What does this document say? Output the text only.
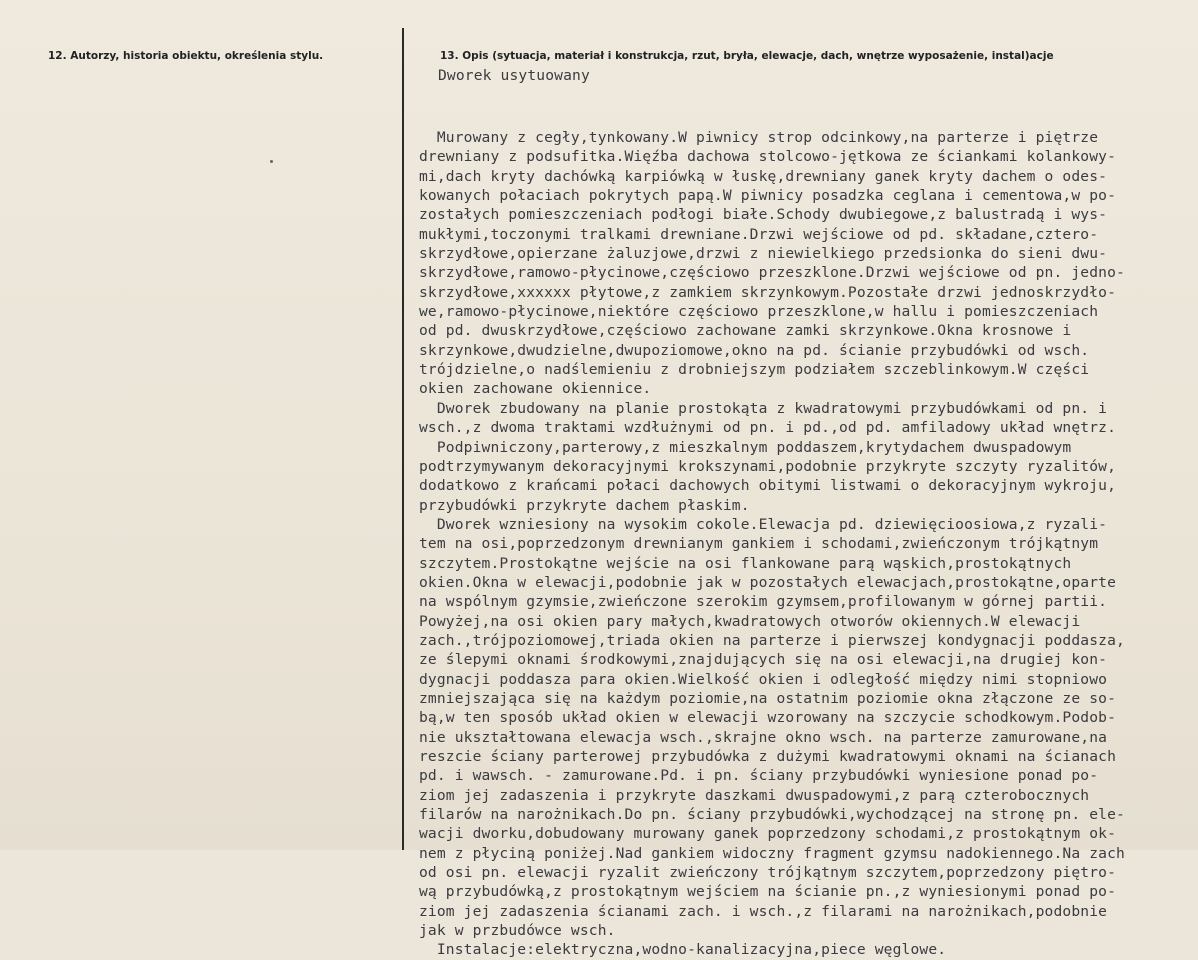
12. Autorzy, historia obiektu, określenia stylu.	13. Opis (sytuacja, materiał i konstrukcja, rzut, bryła, elewacje, dach, wnętrze wyposażenie, instal)acje
Dworek usytuowany
Murowany z cegły,tynkowany.W piwnicy strop odcinkowy,na parterze i piętrze
drewniany z podsufitka.Więźba dachowa stolcowo-jętkowa ze ściankami kolankowy-
mi,dach kryty dachówką karpiówką w łuskę,drewniany ganek kryty dachem o odes-
kowanych połaciach pokrytych papą.W piwnicy posadzka ceglana i cementowa,w po-
zostałych pomieszczeniach podłogi białe.Schody dwubiegowe,z balustradą i wys-
mukłymi,toczonymi tralkami drewniane.Drzwi wejściowe od pd. składane,cztero-
skrzydłowe,opierzane żaluzjowe,drzwi z niewielkiego przedsionka do sieni dwu-
skrzydłowe,ramowo-płycinowe,częściowo przeszklone.Drzwi wejściowe od pn. jedno-
skrzydłowe,xxxxxx płytowe,z zamkiem skrzynkowym.Pozostałe drzwi jednoskrzydło-
we,ramowo-płycinowe,niektóre częściowo przeszklone,w hallu i pomieszczeniach
od pd. dwuskrzydłowe,częściowo zachowane zamki skrzynkowe.Okna krosnowe i
skrzynkowe,dwudzielne,dwupoziomowe,okno na pd. ścianie przybudówki od wsch.
trójdzielne,o nadślemieniu z drobniejszym podziałem szczeblinkowym.W części
okien zachowane okiennice.
Dworek zbudowany na planie prostokąta z kwadratowymi przybudówkami od pn. i
wsch.,z dwoma traktami wzdłużnymi od pn. i pd.,od pd. amfiladowy układ wnętrz.
Podpiwniczony,parterowy,z mieszkalnym poddaszem,krytydachem dwuspadowym
podtrzymywanym dekoracyjnymi krokszynami,podobnie przykryte szczyty ryzalitów,
dodatkowo z krańcami połaci dachowych obitymi listwami o dekoracyjnym wykroju,
przybudówki przykryte dachem płaskim.
Dworek wzniesiony na wysokim cokole.Elewacja pd. dziewięcioosiowa,z ryzali-
tem na osi,poprzedzonym drewnianym gankiem i schodami,zwieńczonym trójkątnym
szczytem.Prostokątne wejście na osi flankowane parą wąskich,prostokątnych
okien.Okna w elewacji,podobnie jak w pozostałych elewacjach,prostokątne,oparte
na wspólnym gzymsie,zwieńczone szerokim gzymsem,profilowanym w górnej partii.
Powyżej,na osi okien pary małych,kwadratowych otworów okiennych.W elewacji
zach.,trójpoziomowej,triada okien na parterze i pierwszej kondygnacji poddasza,
ze ślepymi oknami środkowymi,znajdujących się na osi elewacji,na drugiej kon-
dygnacji poddasza para okien.Wielkość okien i odległość między nimi stopniowo
zmniejszająca się na każdym poziomie,na ostatnim poziomie okna złączone ze so-
bą,w ten sposób układ okien w elewacji wzorowany na szczycie schodkowym.Podob-
nie ukształtowana elewacja wsch.,skrajne okno wsch. na parterze zamurowane,na
reszcie ściany parterowej przybudówka z dużymi kwadratowymi oknami na ścianach
pd. i wawsch. - zamurowane.Pd. i pn. ściany przybudówki wyniesione ponad po-
ziom jej zadaszenia i przykryte daszkami dwuspadowymi,z parą czterobocznych
filarów na narożnikach.Do pn. ściany przybudówki,wychodzącej na stronę pn. ele-
wacji dworku,dobudowany murowany ganek poprzedzony schodami,z prostokątnym ok-
nem z płyciną poniżej.Nad gankiem widoczny fragment gzymsu nadokiennego.Na zach
od osi pn. elewacji ryzalit zwieńczony trójkątnym szczytem,poprzedzony piętro-
wą przybudówką,z prostokątnym wejściem na ścianie pn.,z wyniesionymi ponad po-
ziom jej zadaszenia ścianami zach. i wsch.,z filarami na narożnikach,podobnie
jak w przbudówce wsch.
Instalacje:elektryczna,wodno-kanalizacyjna,piece węglowe.
